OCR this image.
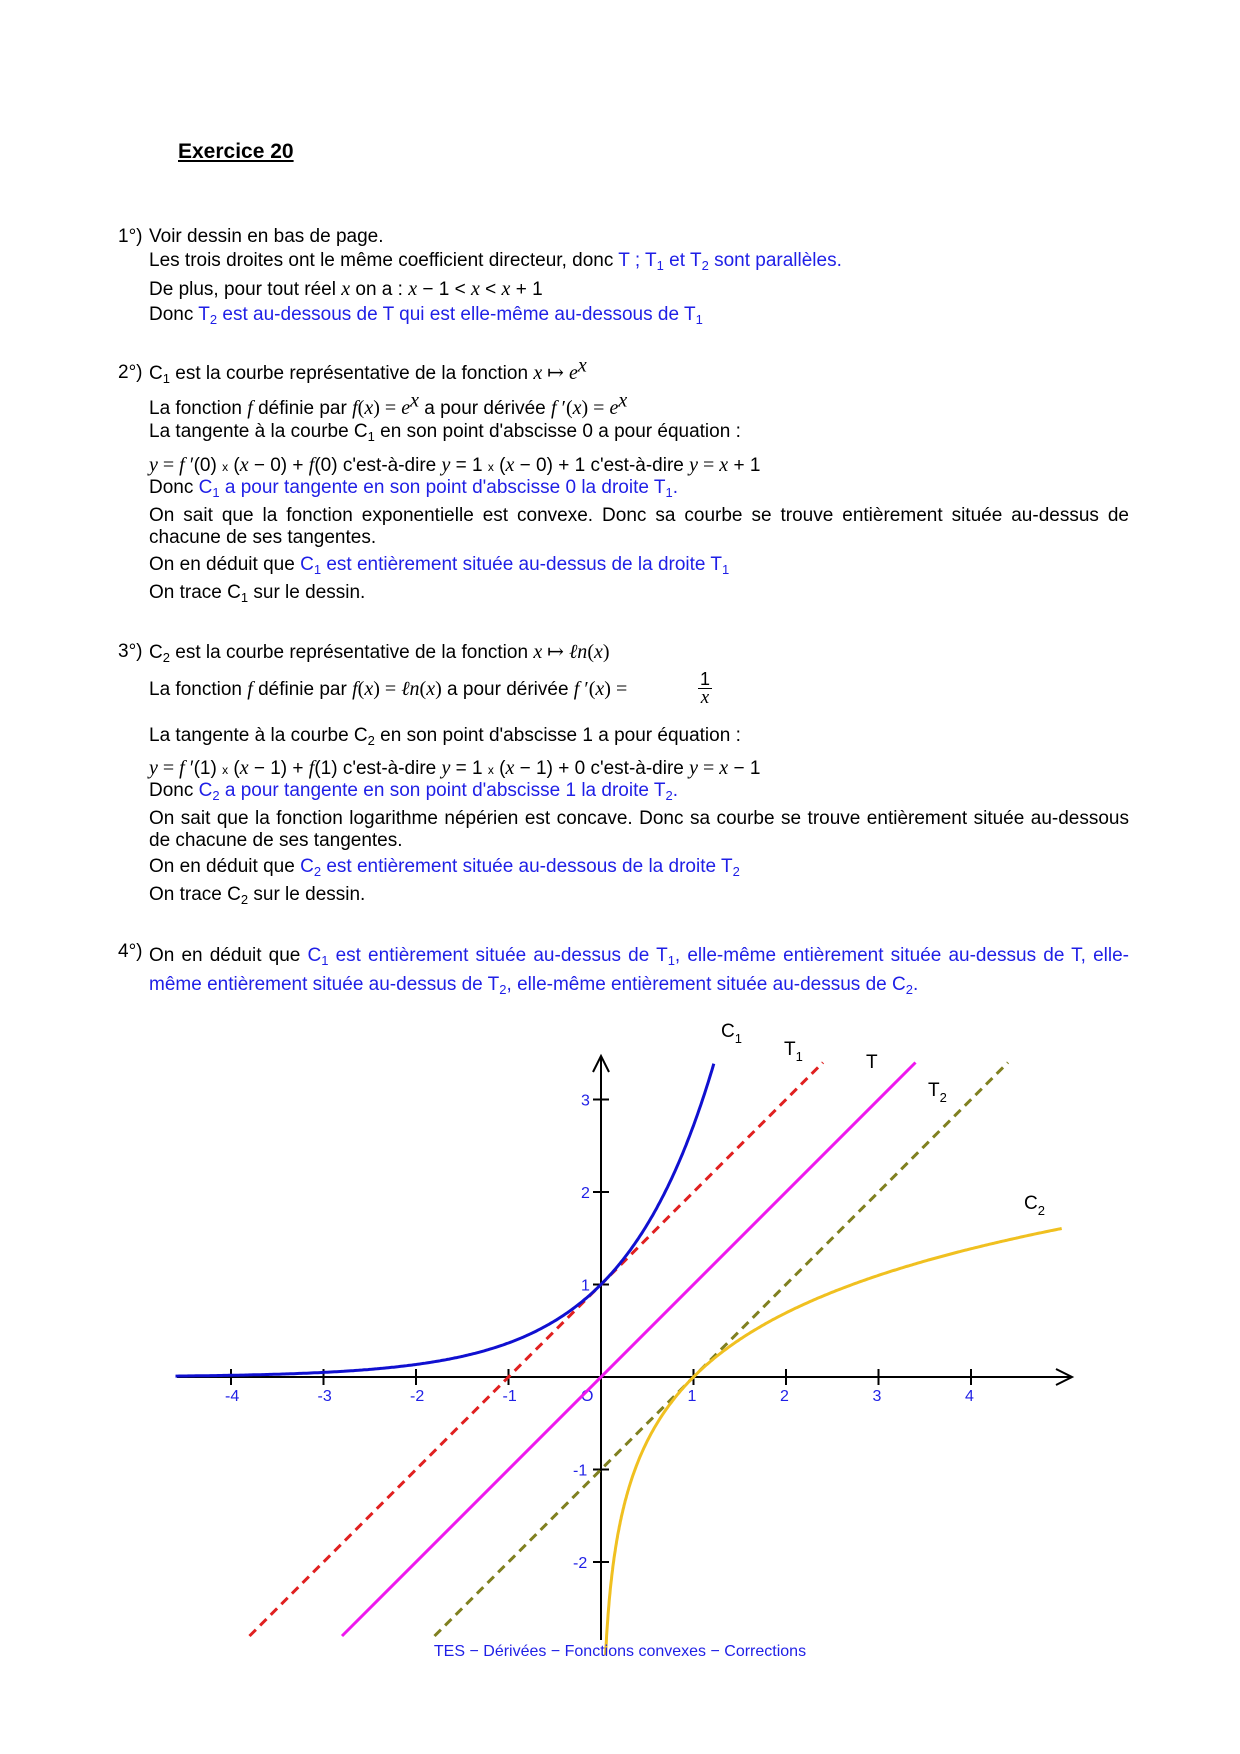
Exercice 20
1°) Voir dessin en bas de page.
Les trois droites ont le même coefficient directeur, donc T ; $T_1$ et $T_2$ sont parallèles.
De plus, pour tout réel x on a : x − 1 < x < x + 1
Donc $T_2$ est au-dessous de T qui est elle-même au-dessous de $T_1$
2°) $C_1$ est la courbe représentative de la fonction x ↦ $e^x$
La fonction f définie par $f(x) = e^x$ a pour dérivée f $'(x) = e^x$
La tangente à la courbe $C_1$ en son point d'abscisse 0 a pour équation :
y = f ′(0) x (x − 0) + f(0) c'est-à-dire y = 1 x (x − 0) + 1 c'est-à-dire y = x + 1
Donc $C_1$ a pour tangente en son point d'abscisse 0 la droite $T_1$.
On sait que la fonction exponentielle est convexe. Donc sa courbe se trouve entièrement située au-dessus de chacune de ses tangentes.
On en déduit que $C_1$ est entièrement située au-dessus de la droite $T_1$
On trace $C_1$ sur le dessin.
3°) $C_2$ est la courbe représentative de la fonction x ↦ ℓn(x)
La fonction f définie par f(x) = ℓn(x) a pour dérivée f ′(x) =	$\frac{1}{x}$
La tangente à la courbe $C_2$ en son point d'abscisse 1 a pour équation :
y = f ′(1) x (x − 1) + f(1) c'est-à-dire y = 1 x (x − 1) + 0 c'est-à-dire y = x − 1
Donc $C_2$ a pour tangente en son point d'abscisse 1 la droite $T_2$.
On sait que la fonction logarithme népérien est concave. Donc sa courbe se trouve entièrement située au-dessous de chacune de ses tangentes.
On en déduit que $C_2$ est entièrement située au-dessous de la droite $T_2$
On trace $C_2$ sur le dessin.
4°) On en déduit que $C_1$ est entièrement située au-dessus de $T_1$, elle-même entièrement située au-dessus de T, elle-même entièrement située au-dessus de $T_2$, elle-même entièrement située au-dessus de $C_2$.
-4	-3	-2	-1	O	1	2	3	4
3
2
1
-1
-2
$C_1$
$T_1$	T
$T_2$
$C_2$
TES − Dérivées − Fonctions convexes − Corrections
